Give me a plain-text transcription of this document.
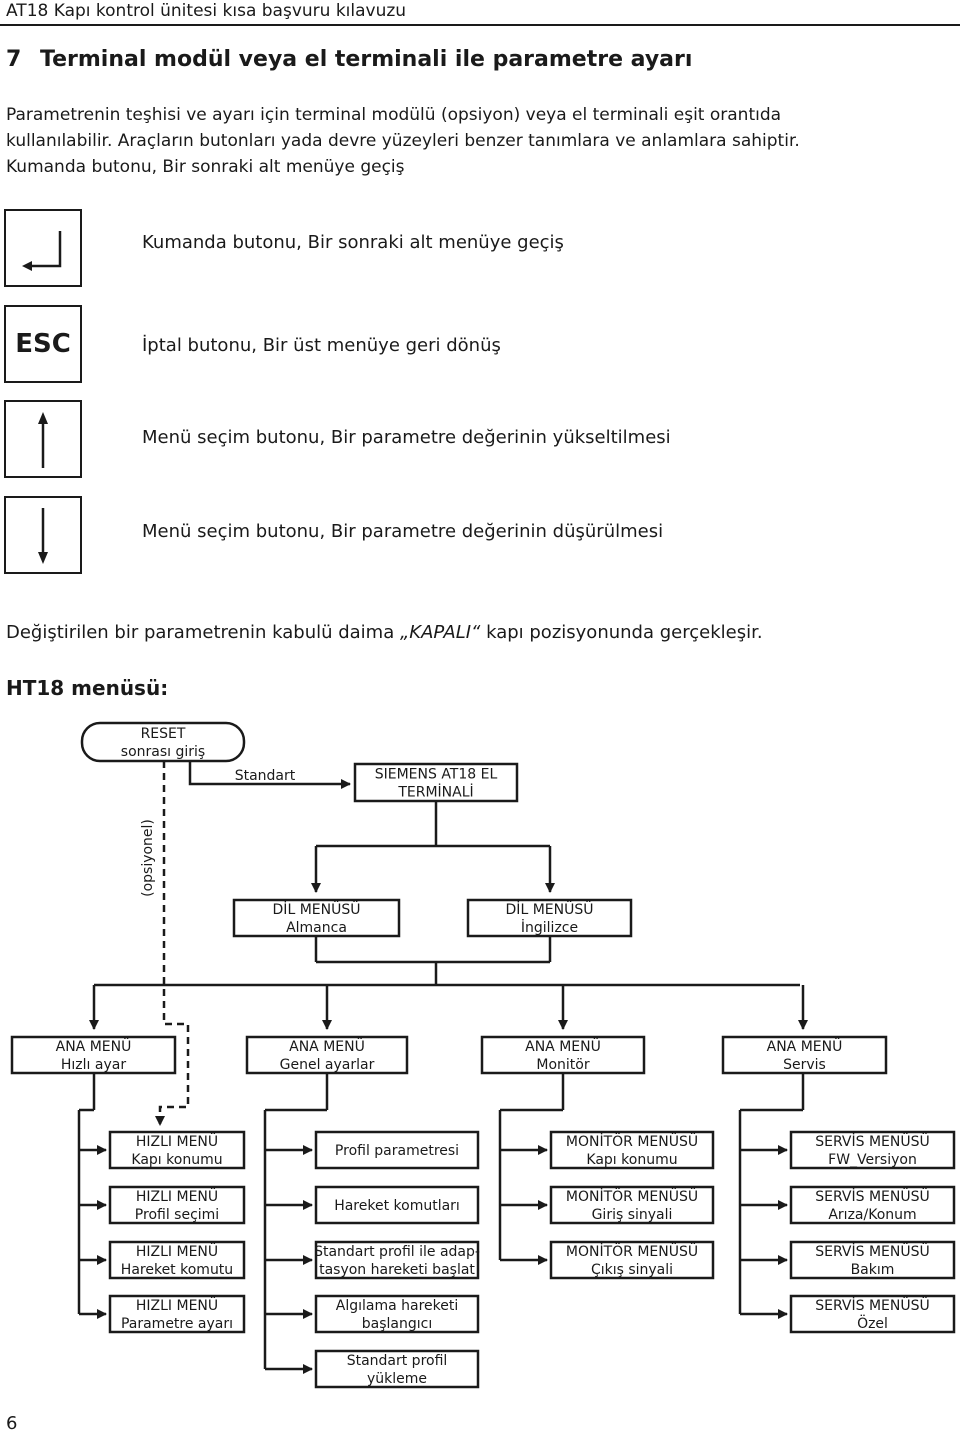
AT18 Kapı kontrol ünitesi kısa başvuru kılavuzu
7 Terminal modül veya el terminali ile parametre ayarı

Parametrenin teşhisi ve ayarı için terminal modülü (opsiyon) veya el terminali eşit orantıda

kullanılabilir. Araçların butonları yada devre yüzeyleri benzer tanımlara ve anlamlara sahiptir.

Kumanda butonu, Bir sonraki alt menüye geçiş

Kumanda butonu, Bir sonraki alt menüye geçiş
ESC	İptal butonu, Bir üst menüye geri dönüş
Menü seçim butonu, Bir parametre değerinin yükseltilmesi
Menü seçim butonu, Bir parametre değerinin düşürülmesi
Değiştirilen bir parametrenin kabulü daima „KAPALI“ kapı pozisyonunda gerçekleşir.
HT18 menüsü:
RESET sonrası giriş
Standart	SIEMENS AT18 EL TERMİNALİ
DİL MENÜSÜ Almanca
DİL MENÜSÜ İngilizce
ANA MENÜ Hızlı ayar
ANA MENÜ Genel ayarlar
ANA MENÜ Monitör
ANA MENÜ Servis
(opsiyonel)
HIZLI MENÜ Kapı konumu
HIZLI MENÜ Profil seçimi
HIZLI MENÜ Hareket komutu
HIZLI MENÜ Parametre ayarı
Profil parametresi
Hareket komutları
Standart profil ile adap-tasyon hareketi başlat
Algılama hareketi başlangıcı
Standart profil yükleme
MONİTÖR MENÜSÜ Kapı konumu
MONİTÖR MENÜSÜ Giriş sinyali
MONİTÖR MENÜSÜ Çıkış sinyali
SERVİS MENÜSÜ FW_Versiyon
SERVİS MENÜSÜ Arıza/Konum
SERVİS MENÜSÜ Bakım
SERVİS MENÜSÜ Özel
6
